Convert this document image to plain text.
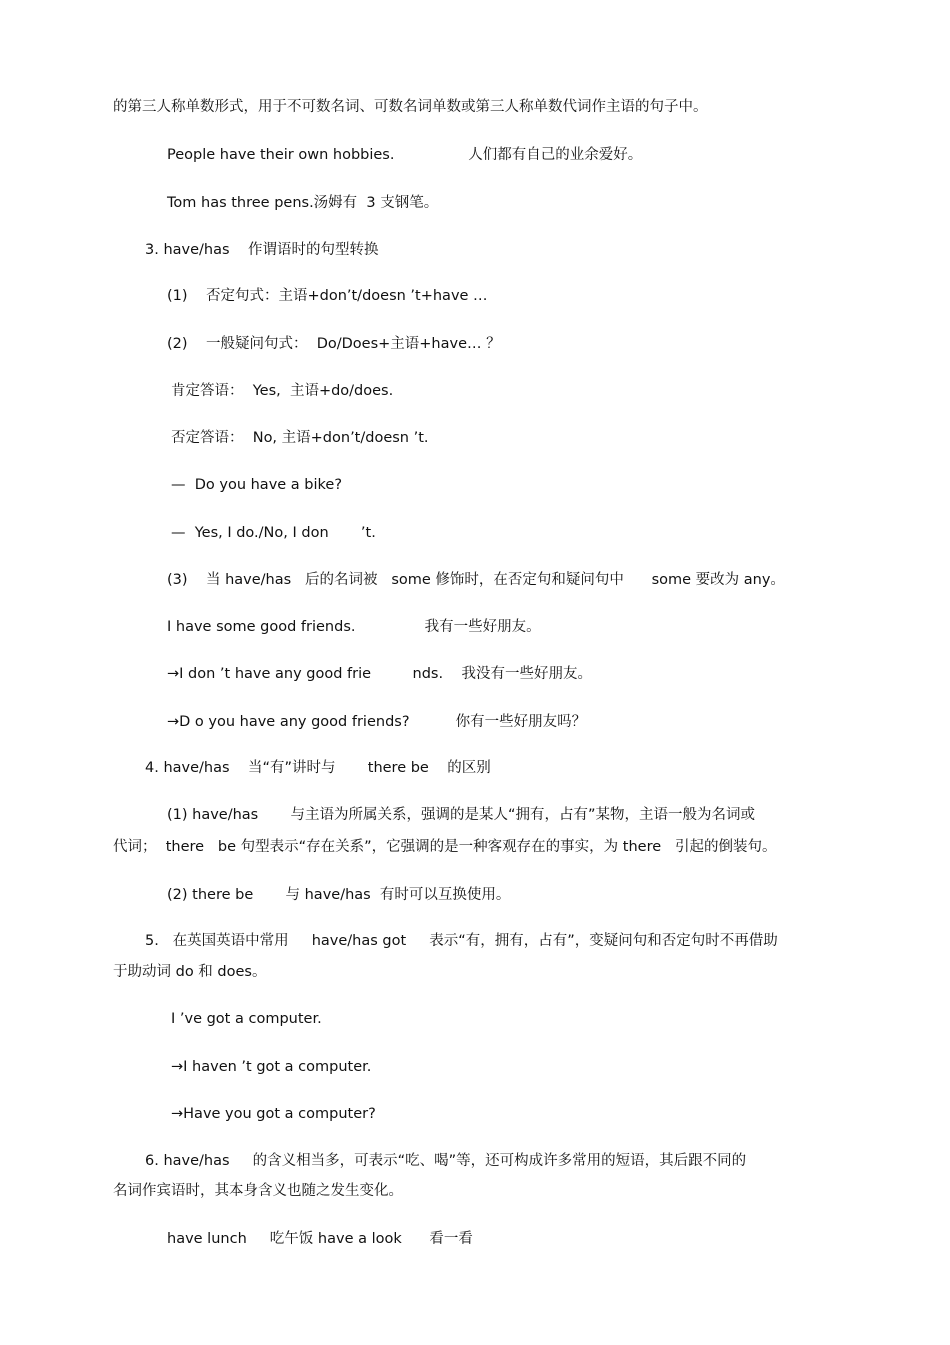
的第三人称单数形式，用于不可数名词、可数名词单数或第三人称单数代词作主语的句子中。
People have their own hobbies.                人们都有自己的业余爱好。
Tom has three pens.汤姆有  3 支钢笔。
3. have/has    作谓语时的句型转换
(1)    否定句式：主语+don’t/doesn ’t+have …
(2)    一般疑问句式：  Do/Does+主语+have… ？
肯定答语：  Yes,  主语+do/does.
否定答语：  No, 主语+don’t/doesn ’t.
—  Do you have a bike?
—  Yes, I do./No, I don       ’t.
(3)    当 have/has   后的名词被   some 修饰时，在否定句和疑问句中      some 要改为 any。
I have some good friends.               我有一些好朋友。
→I don ’t have any good frie         nds.    我没有一些好朋友。
→D o you have any good friends?          你有一些好朋友吗？
4. have/has    当“有”讲时与       there be    的区别
(1) have/has       与主语为所属关系，强调的是某人“拥有，占有”某物，主语一般为名词或
代词；  there   be 句型表示“存在关系”，它强调的是一种客观存在的事实，为 there   引起的倒装句。
(2) there be       与 have/has  有时可以互换使用。
5.   在英国英语中常用     have/has got     表示“有，拥有，占有”，变疑问句和否定句时不再借助
于助动词 do 和 does。
I ’ve got a computer.
→I haven ’t got a computer.
→Have you got a computer?
6. have/has     的含义相当多，可表示“吃、喝”等，还可构成许多常用的短语，其后跟不同的
名词作宾语时，其本身含义也随之发生变化。
have lunch     吃午饭 have a look      看一看
